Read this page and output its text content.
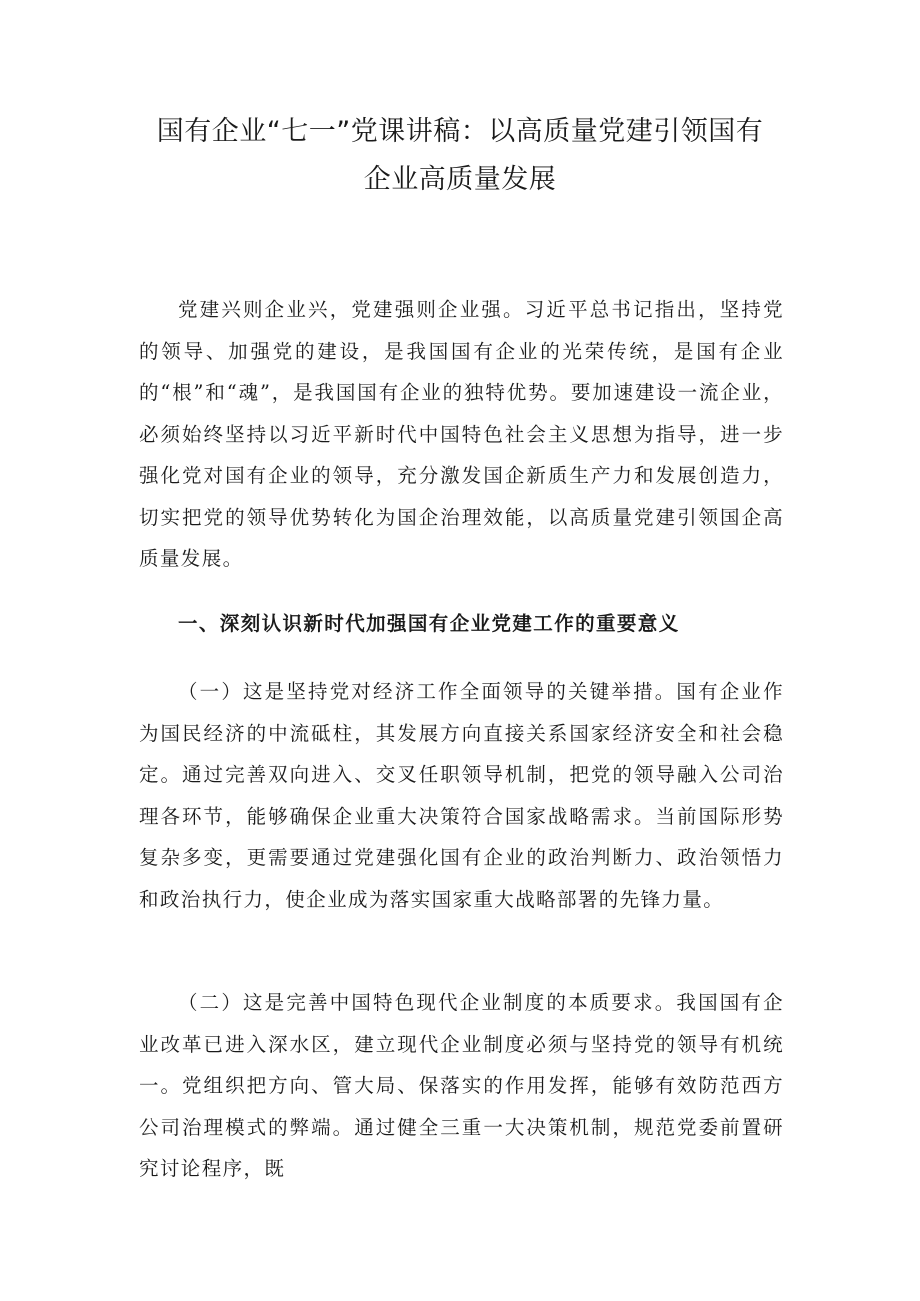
国有企业“七一”党课讲稿：以高质量党建引领国有
企业高质量发展

党建兴则企业兴，党建强则企业强。习近平总书记指出，坚持党的领导、加强党的建设，是我国国有企业的光荣传统，是国有企业的“根”和“魂”，是我国国有企业的独特优势。要加速建设一流企业，必须始终坚持以习近平新时代中国特色社会主义思想为指导，进一步强化党对国有企业的领导，充分激发国企新质生产力和发展创造力，切实把党的领导优势转化为国企治理效能，以高质量党建引领国企高质量发展。

一、深刻认识新时代加强国有企业党建工作的重要意义

（一）这是坚持党对经济工作全面领导的关键举措。国有企业作为国民经济的中流砥柱，其发展方向直接关系国家经济安全和社会稳定。通过完善双向进入、交叉任职领导机制，把党的领导融入公司治理各环节，能够确保企业重大决策符合国家战略需求。当前国际形势复杂多变，更需要通过党建强化国有企业的政治判断力、政治领悟力和政治执行力，使企业成为落实国家重大战略部署的先锋力量。

（二）这是完善中国特色现代企业制度的本质要求。我国国有企业改革已进入深水区，建立现代企业制度必须与坚持党的领导有机统一。党组织把方向、管大局、保落实的作用发挥，能够有效防范西方公司治理模式的弊端。通过健全三重一大决策机制，规范党委前置研究讨论程序，既
